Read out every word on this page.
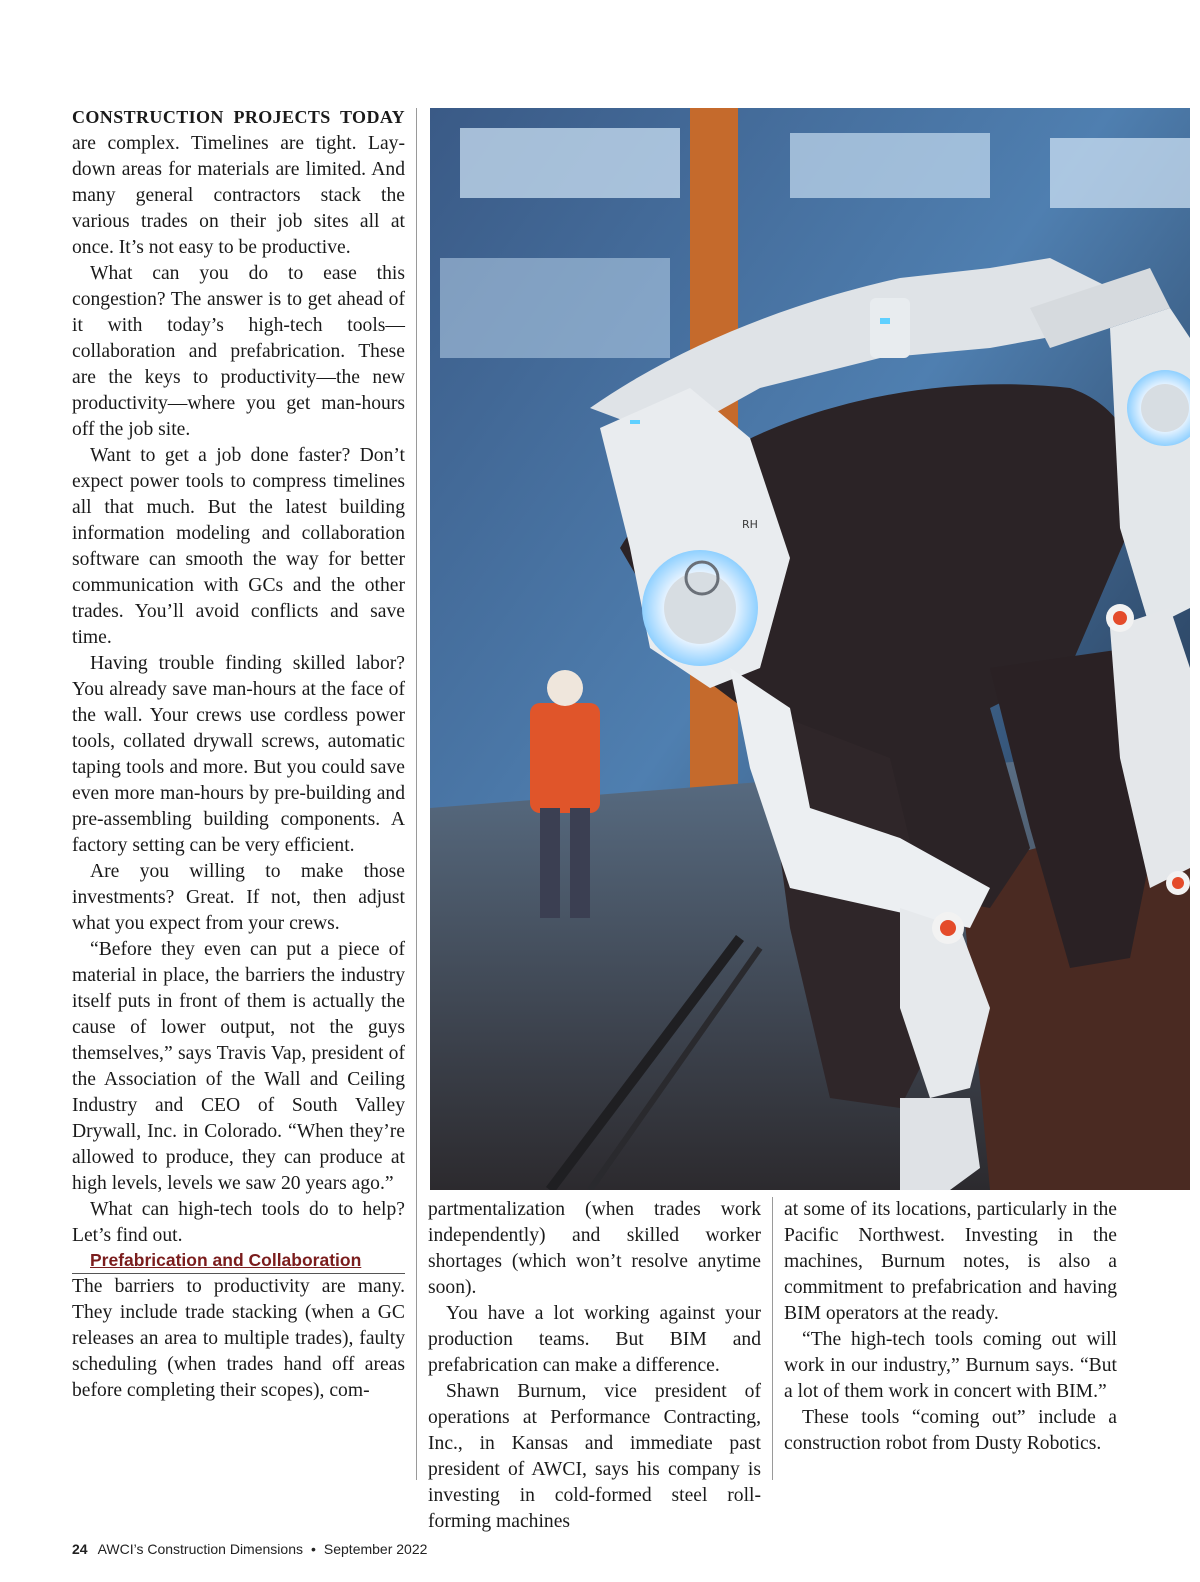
CONSTRUCTION PROJECTS TODAY are complex. Timelines are tight. Lay-down areas for materials are limited. And many general contractors stack the various trades on their job sites all at once. It’s not easy to be productive.

What can you do to ease this congestion? The answer is to get ahead of it with today’s high-tech tools—collaboration and prefabrication. These are the keys to productivity—the new productivity—where you get man-hours off the job site.

Want to get a job done faster? Don’t expect power tools to compress timelines all that much. But the latest building information modeling and collaboration software can smooth the way for better communication with GCs and the other trades. You’ll avoid conflicts and save time.

Having trouble finding skilled labor? You already save man-hours at the face of the wall. Your crews use cordless power tools, collated drywall screws, automatic taping tools and more. But you could save even more man-hours by pre-building and pre-assembling building components. A factory setting can be very efficient.

Are you willing to make those investments? Great. If not, then adjust what you expect from your crews.

“Before they even can put a piece of material in place, the barriers the industry itself puts in front of them is actually the cause of lower output, not the guys themselves,” says Travis Vap, president of the Association of the Wall and Ceiling Industry and CEO of South Valley Drywall, Inc. in Colorado. “When they’re allowed to produce, they can produce at high levels, levels we saw 20 years ago.”

What can high-tech tools do to help? Let’s find out.

Prefabrication and Collaboration

The barriers to productivity are many. They include trade stacking (when a GC releases an area to multiple trades), faulty scheduling (when trades hand off areas before completing their scopes), com-

RH

partmentalization (when trades work independently) and skilled worker shortages (which won’t resolve anytime soon).

You have a lot working against your production teams. But BIM and prefabrication can make a difference.

Shawn Burnum, vice president of operations at Performance Contracting, Inc., in Kansas and immediate past president of AWCI, says his company is investing in cold-formed steel roll-forming machines

at some of its locations, particularly in the Pacific Northwest. Investing in the machines, Burnum notes, is also a commitment to prefabrication and having BIM operators at the ready.

“The high-tech tools coming out will work in our industry,” Burnum says. “But a lot of them work in concert with BIM.”

These tools “coming out” include a construction robot from Dusty Robotics.

24 AWCI’s Construction Dimensions • September 2022
